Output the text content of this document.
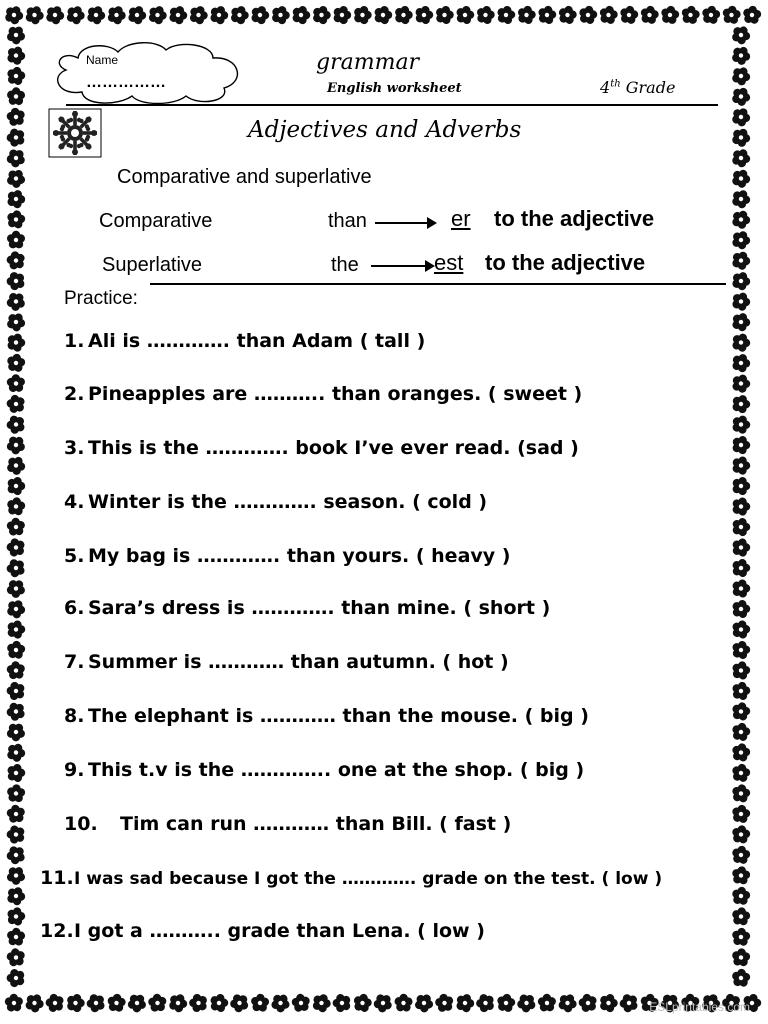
Name
……………
grammar
English worksheet	4th Grade
Adjectives and Adverbs
Comparative and superlative
Comparative	than	er to the adjective
Superlative	the	est to the adjective
Practice:
1. Ali is …………. than Adam ( tall )
2. Pineapples are ……….. than oranges. ( sweet )
3. This is the …………. book I’ve ever read. (sad )
4. Winter is the …………. season. ( cold )
5. My bag is …………. than yours. ( heavy )
6. Sara’s dress is …………. than mine. ( short )
7. Summer is ………… than autumn. ( hot )
8. The elephant is ………… than the mouse. ( big )
9. This t.v is the ………….. one at the shop. ( big )
10. Tim can run ………… than Bill. ( fast )
11.I was sad because I got the …………. grade on the test. ( low )
12.I got a ……….. grade than Lena. ( low )
ESLprintables.com
